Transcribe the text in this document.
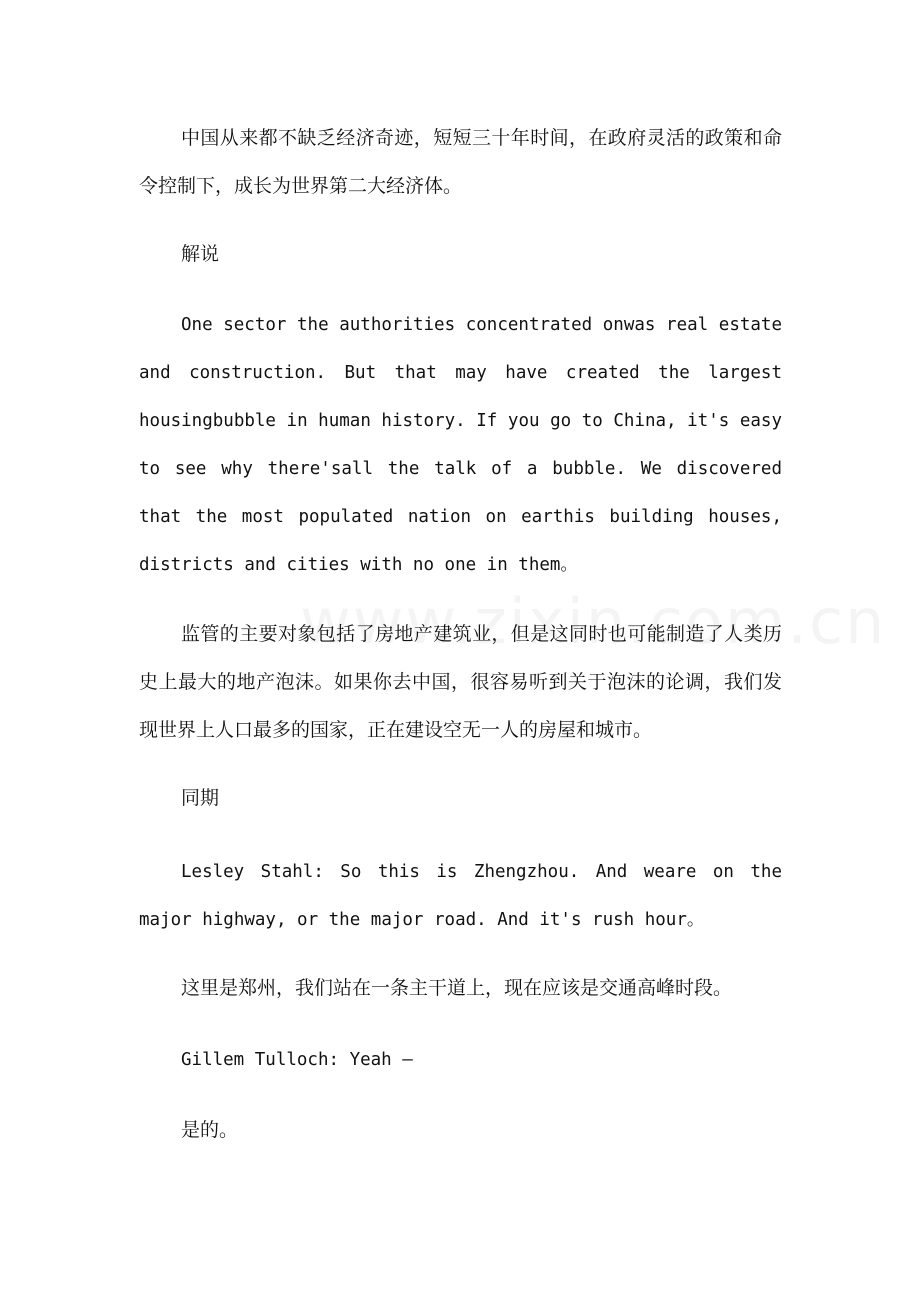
中国从来都不缺乏经济奇迹，短短三十年时间，在政府灵活的政策和命令控制下，成长为世界第二大经济体。

解说

One sector the authorities concentrated onwas real estate and construction. But that may have created the largest housingbubble in human history. If you go to China, it's easy to see why there'sall the talk of a bubble. We discovered that the most populated nation on earthis building houses, districts and cities with no one in them。

监管的主要对象包括了房地产建筑业，但是这同时也可能制造了人类历史上最大的地产泡沫。如果你去中国，很容易听到关于泡沫的论调，我们发现世界上人口最多的国家，正在建设空无一人的房屋和城市。

同期

Lesley Stahl: So this is Zhengzhou. And weare on the major highway, or the major road. And it's rush hour。

这里是郑州，我们站在一条主干道上，现在应该是交通高峰时段。

Gillem Tulloch: Yeah –

是的。
